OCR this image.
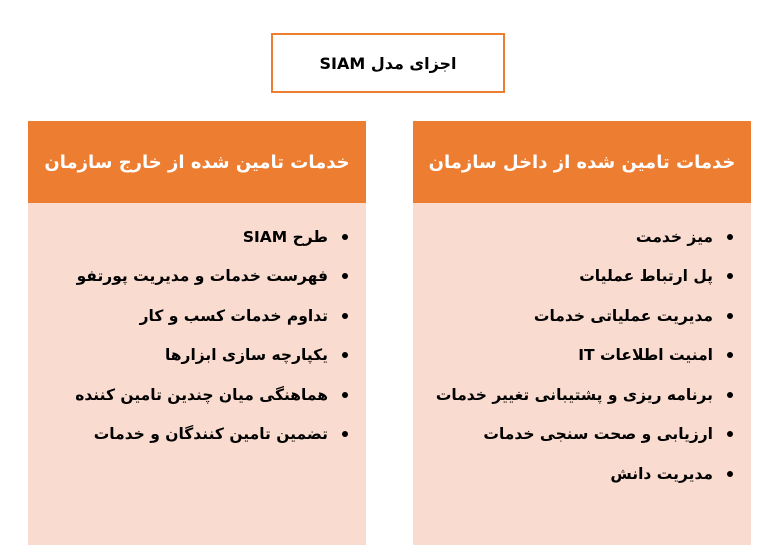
اجزای مدل SIAM
خدمات تامین شده از داخل سازمان
میز خدمت
پل ارتباط عملیات
مدیریت عملیاتی خدمات
امنیت اطلاعات IT
برنامه ریزی و پشتیبانی تغییر خدمات
ارزیابی و صحت سنجی خدمات
مدیریت دانش
خدمات تامین شده از خارج سازمان
طرح SIAM
فهرست خدمات و مدیریت پورتفو
تداوم خدمات کسب و کار
یکپارچه سازی ابزارها
هماهنگی میان چندین تامین کننده
تضمین تامین کنندگان و خدمات
